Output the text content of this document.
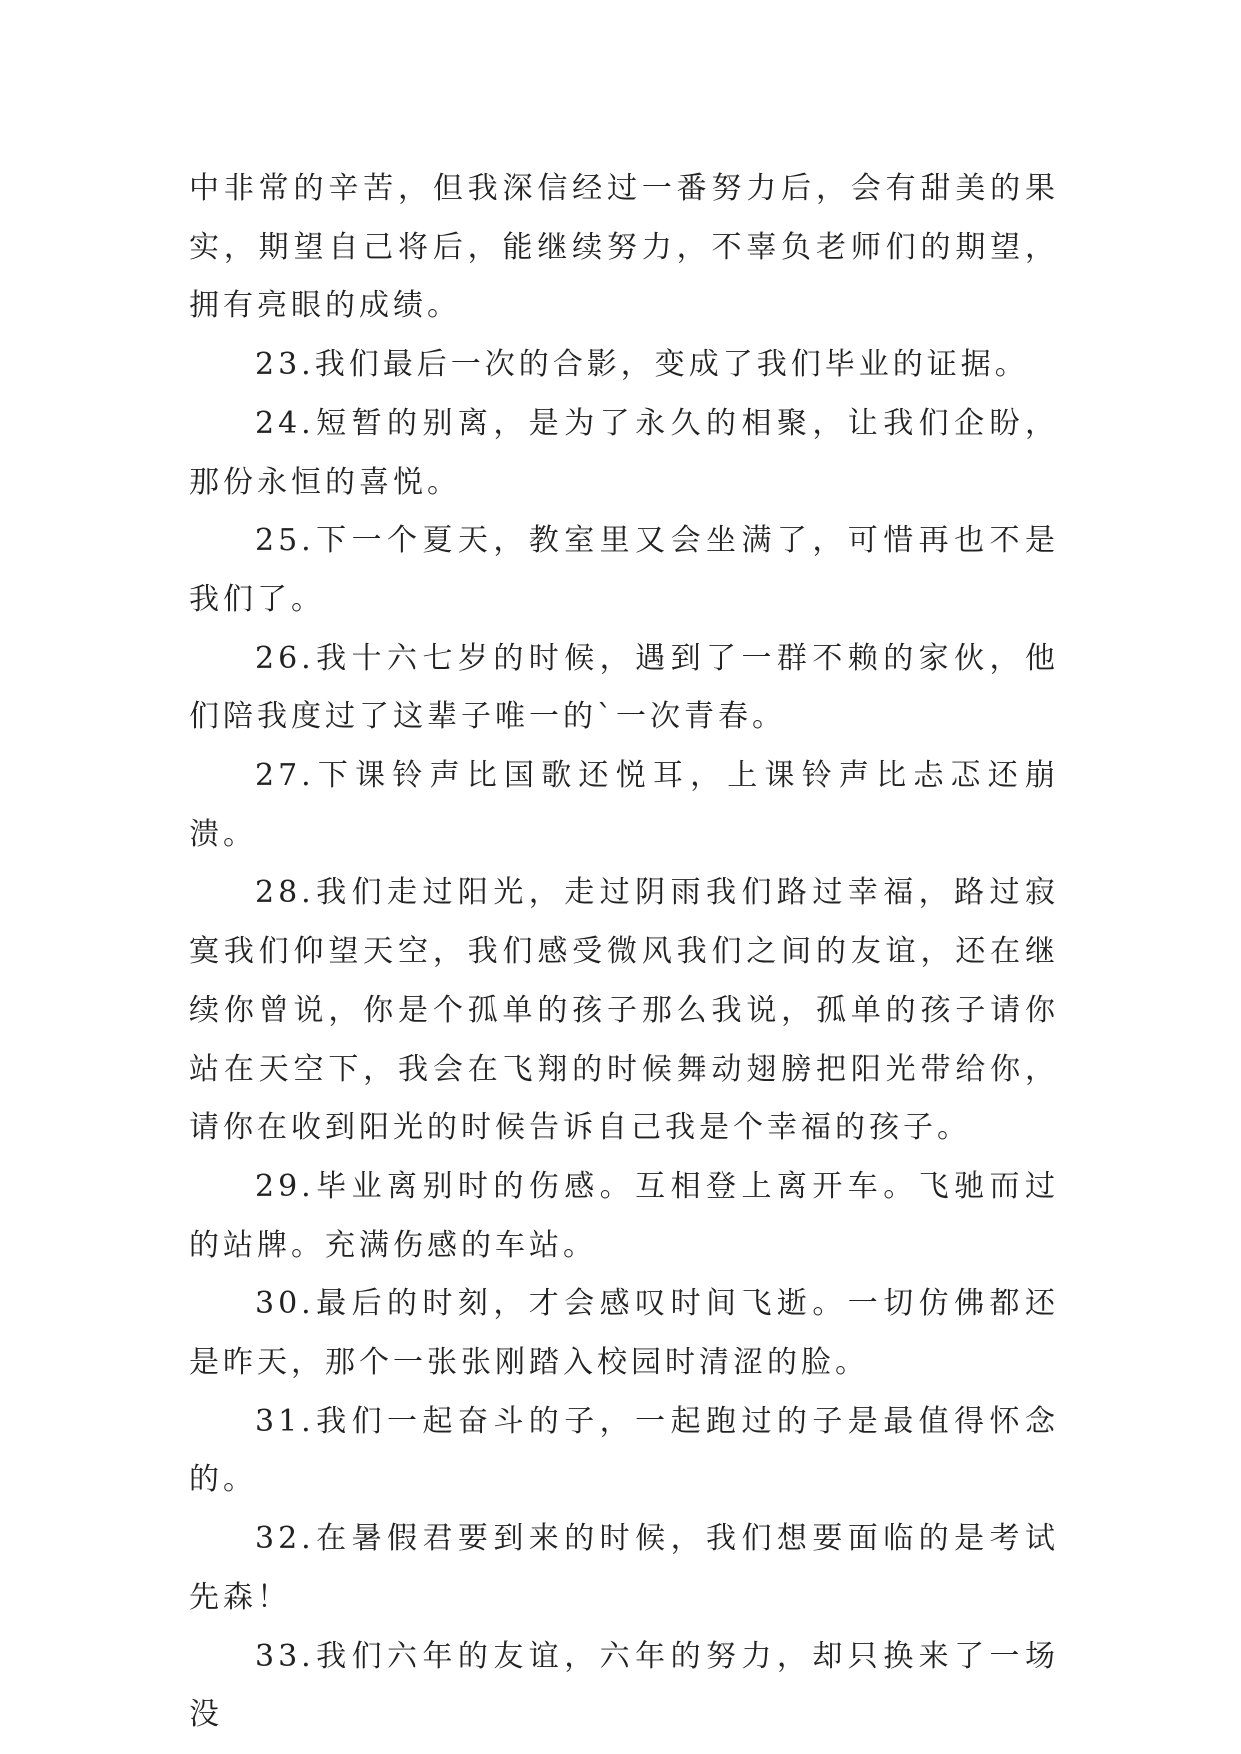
中非常的辛苦，但我深信经过一番努力后，会有甜美的果实，期望自己将后，能继续努力，不辜负老师们的期望，拥有亮眼的成绩。

23.我们最后一次的合影，变成了我们毕业的证据。

24.短暂的别离，是为了永久的相聚，让我们企盼，那份永恒的喜悦。

25.下一个夏天，教室里又会坐满了，可惜再也不是我们了。

26.我十六七岁的时候，遇到了一群不赖的家伙，他们陪我度过了这辈子唯一的`一次青春。

27.下课铃声比国歌还悦耳，上课铃声比忐忑还崩溃。

28.我们走过阳光，走过阴雨我们路过幸福，路过寂寞我们仰望天空，我们感受微风我们之间的友谊，还在继续你曾说，你是个孤单的孩子那么我说，孤单的孩子请你站在天空下，我会在飞翔的时候舞动翅膀把阳光带给你，请你在收到阳光的时候告诉自己我是个幸福的孩子。

29.毕业离别时的伤感。互相登上离开车。飞驰而过的站牌。充满伤感的车站。

30.最后的时刻，才会感叹时间飞逝。一切仿佛都还是昨天，那个一张张刚踏入校园时清涩的脸。

31.我们一起奋斗的子，一起跑过的子是最值得怀念的。

32.在暑假君要到来的时候，我们想要面临的是考试先森！

33.我们六年的友谊，六年的努力，却只换来了一场没
